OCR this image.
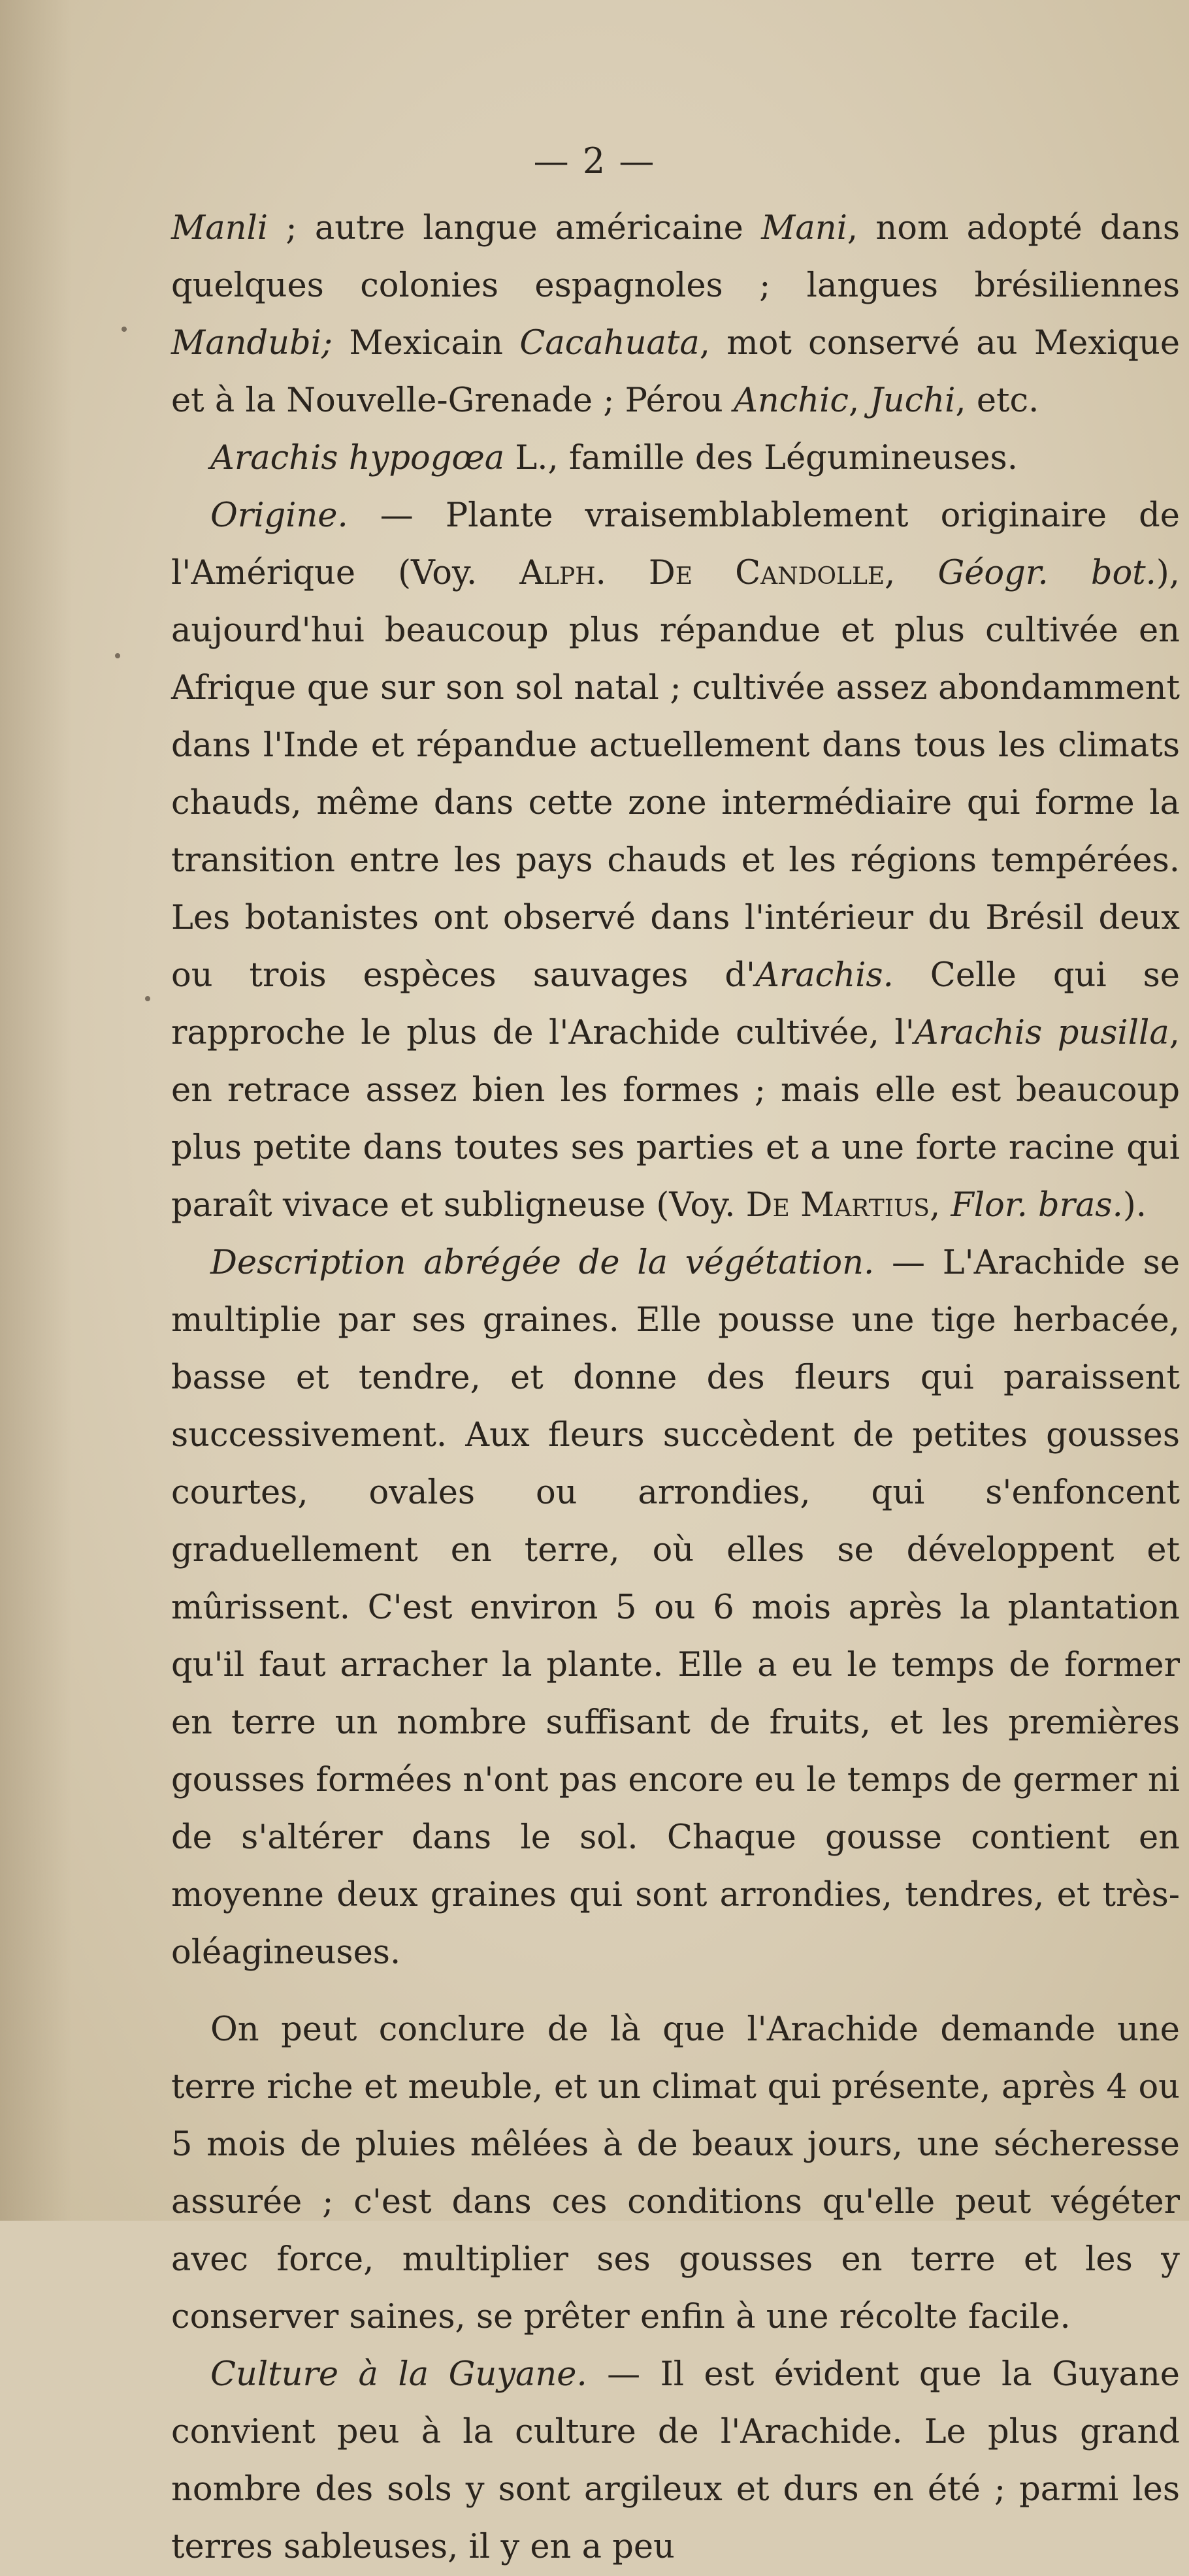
— 2 —

Manli ; autre langue américaine Mani, nom adopté dans quelques colonies espagnoles ; langues brésiliennes Mandubi; Mexicain Cacahuata, mot conservé au Mexique et à la Nouvelle-Grenade ; Pérou Anchic, Juchi, etc.

Arachis hypogœa L., famille des Légumineuses.

Origine. — Plante vraisemblablement originaire de l'Amérique (Voy. Alph. De Candolle, Géogr. bot.), aujourd'hui beaucoup plus répandue et plus cultivée en Afrique que sur son sol natal ; cultivée assez abondamment dans l'Inde et répandue actuellement dans tous les climats chauds, même dans cette zone intermédiaire qui forme la transition entre les pays chauds et les régions tempérées. Les botanistes ont observé dans l'intérieur du Brésil deux ou trois espèces sauvages d'Arachis. Celle qui se rapproche le plus de l'Arachide cultivée, l'Arachis pusilla, en retrace assez bien les formes ; mais elle est beaucoup plus petite dans toutes ses parties et a une forte racine qui paraît vivace et sublignеuse (Voy. De Martius, Flor. bras.).

Description abrégée de la végétation. — L'Arachide se multiplie par ses graines. Elle pousse une tige herbacée, basse et tendre, et donne des fleurs qui paraissent successivement. Aux fleurs succèdent de petites gousses courtes, ovales ou arrondies, qui s'enfoncent graduellement en terre, où elles se développent et mûrissent. C'est environ 5 ou 6 mois après la plantation qu'il faut arracher la plante. Elle a eu le temps de former en terre un nombre suffisant de fruits, et les premières gousses formées n'ont pas encore eu le temps de germer ni de s'altérer dans le sol. Chaque gousse contient en moyenne deux graines qui sont arrondies, tendres, et très-oléagineuses.

On peut conclure de là que l'Arachide demande une terre riche et meuble, et un climat qui présente, après 4 ou 5 mois de pluies mêlées à de beaux jours, une sécheresse assurée ; c'est dans ces conditions qu'elle peut végéter avec force, multiplier ses gousses en terre et les y conserver saines, se prêter enfin à une récolte facile.

Culture à la Guyane. — Il est évident que la Guyane convient peu à la culture de l'Arachide. Le plus grand nombre des sols y sont argileux et durs en été ; parmi les terres sableuses, il y en a peu
